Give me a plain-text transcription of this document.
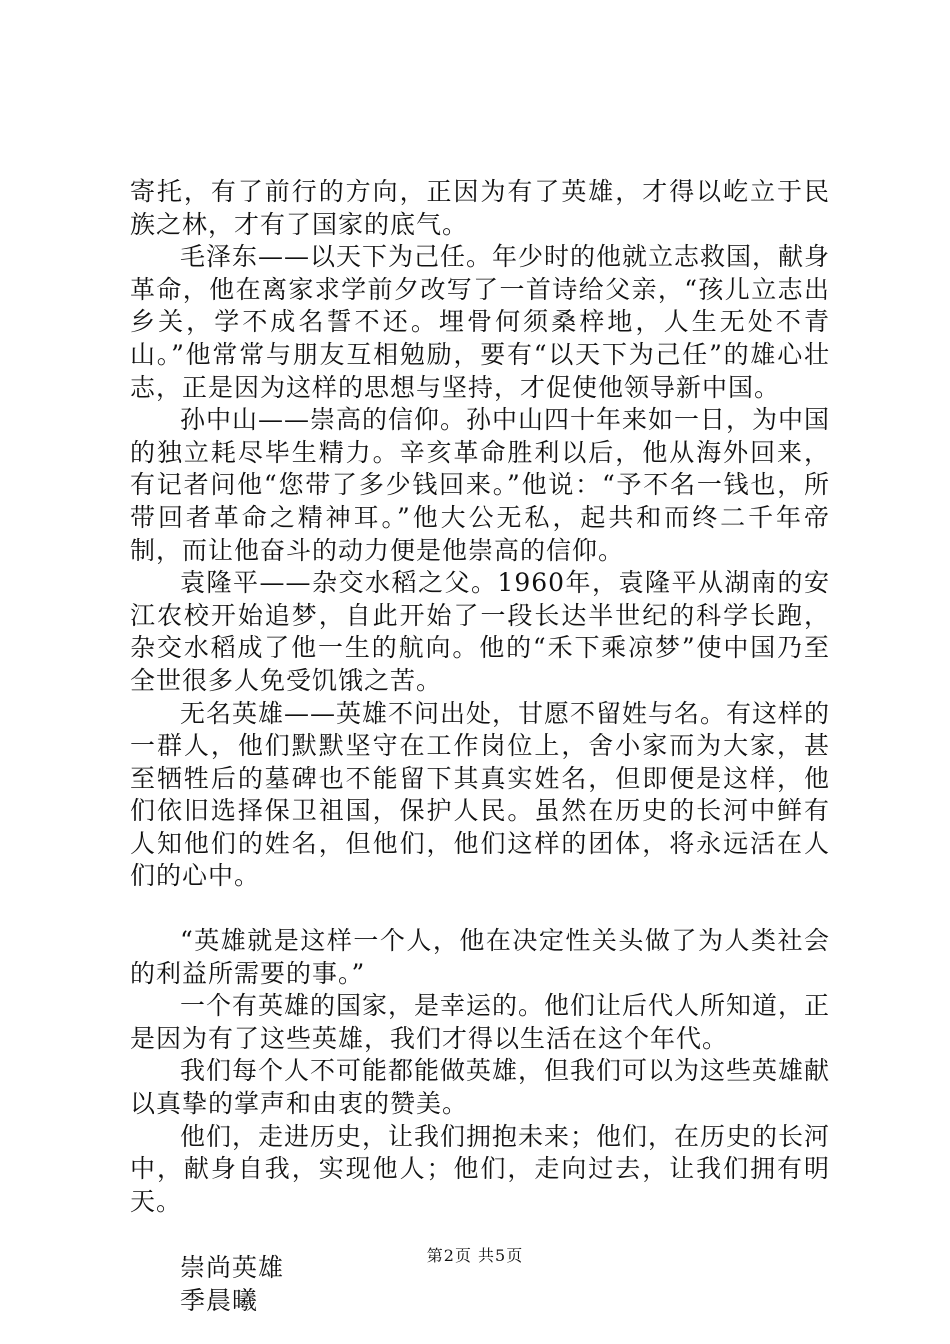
寄托，有了前行的方向，正因为有了英雄，才得以屹立于民族之林，才有了国家的底气。

毛泽东——以天下为己任。年少时的他就立志救国，献身革命，他在离家求学前夕改写了一首诗给父亲，“孩儿立志出乡关，学不成名誓不还。埋骨何须桑梓地，人生无处不青山。”他常常与朋友互相勉励，要有“以天下为己任”的雄心壮志，正是因为这样的思想与坚持，才促使他领导新中国。

孙中山——崇高的信仰。孙中山四十年来如一日，为中国的独立耗尽毕生精力。辛亥革命胜利以后，他从海外回来，有记者问他“您带了多少钱回来。”他说：“予不名一钱也，所带回者革命之精神耳。”他大公无私，起共和而终二千年帝制，而让他奋斗的动力便是他崇高的信仰。

袁隆平——杂交水稻之父。1960年，袁隆平从湖南的安江农校开始追梦，自此开始了一段长达半世纪的科学长跑，杂交水稻成了他一生的航向。他的“禾下乘凉梦”使中国乃至全世很多人免受饥饿之苦。

无名英雄——英雄不问出处，甘愿不留姓与名。有这样的一群人，他们默默坚守在工作岗位上，舍小家而为大家，甚至牺牲后的墓碑也不能留下其真实姓名，但即便是这样，他们依旧选择保卫祖国，保护人民。虽然在历史的长河中鲜有人知他们的姓名，但他们，他们这样的团体，将永远活在人们的心中。

“英雄就是这样一个人，他在决定性关头做了为人类社会的利益所需要的事。”

一个有英雄的国家，是幸运的。他们让后代人所知道，正是因为有了这些英雄，我们才得以生活在这个年代。

我们每个人不可能都能做英雄，但我们可以为这些英雄献以真挚的掌声和由衷的赞美。

他们，走进历史，让我们拥抱未来；他们，在历史的长河中，献身自我，实现他人；他们，走向过去，让我们拥有明天。

崇尚英雄

季晨曦

第2页 共5页
